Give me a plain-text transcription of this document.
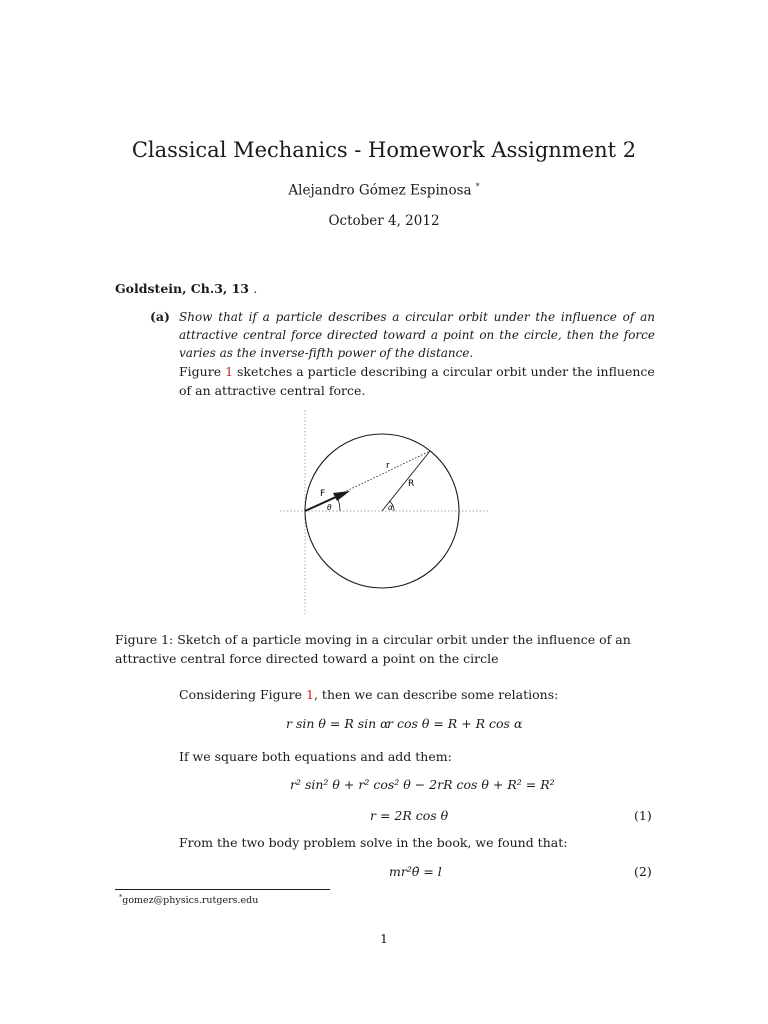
Classical Mechanics - Homework Assignment 2
Alejandro Gómez Espinosa *
October 4, 2012
Goldstein, Ch.3, 13 .
(a) Show that if a particle describes a circular orbit under the influence of an attractive central force directed toward a point on the circle, then the force varies as the inverse-fifth power of the distance.
Figure 1 sketches a particle describing a circular orbit under the influence of an attractive central force.
r
R
F
θ	α
Figure 1: Sketch of a particle moving in a circular orbit under the influence of an attractive central force directed toward a point on the circle
Considering Figure 1, then we can describe some relations:
r sin θ = R sin α
r cos θ = R + R cos α
If we square both equations and add them:
r² sin² θ + r² cos² θ − 2rR cos θ + R² = R²
r = 2R cos θ	(1)
From the two body problem solve in the book, we found that:
mr²θ̇ = l	(2)
*gomez@physics.rutgers.edu
1
